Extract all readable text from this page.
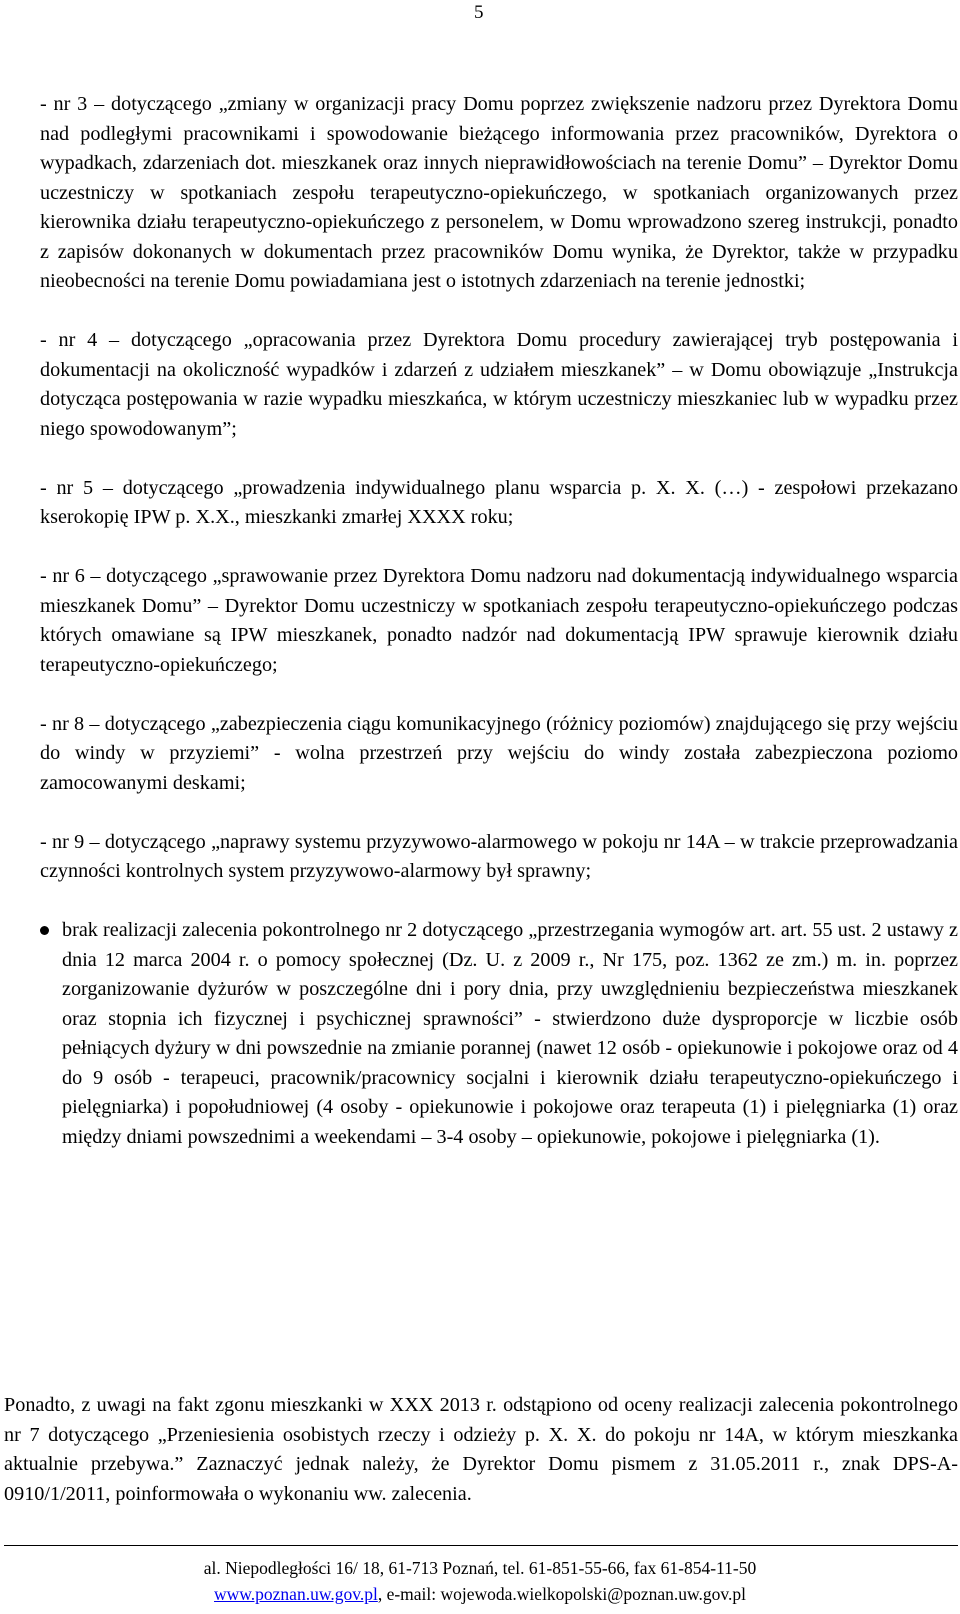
5

- nr 3 – dotyczącego „zmiany w organizacji pracy Domu poprzez zwiększenie nadzoru przez Dyrektora Domu nad podległymi pracownikami i spowodowanie bieżącego informowania przez pracowników, Dyrektora o wypadkach, zdarzeniach dot. mieszkanek oraz innych nieprawidłowościach na terenie Domu” – Dyrektor Domu uczestniczy w spotkaniach zespołu terapeutyczno-opiekuńczego, w spotkaniach organizowanych przez kierownika działu terapeutyczno-opiekuńczego z personelem, w Domu wprowadzono szereg instrukcji, ponadto z zapisów dokonanych w dokumentach przez pracowników Domu wynika, że Dyrektor, także w przypadku nieobecności na terenie Domu powiadamiana jest o istotnych zdarzeniach na terenie jednostki;

- nr 4 – dotyczącego „opracowania przez Dyrektora Domu procedury zawierającej tryb postępowania i dokumentacji na okoliczność wypadków i zdarzeń z udziałem mieszkanek” – w Domu obowiązuje „Instrukcja dotycząca postępowania w razie wypadku mieszkańca, w którym uczestniczy mieszkaniec lub w wypadku przez niego spowodowanym”;

- nr 5 – dotyczącego „prowadzenia indywidualnego planu wsparcia p. X. X. (…) - zespołowi przekazano kserokopię IPW p. X.X., mieszkanki zmarłej XXXX roku;

- nr 6 – dotyczącego „sprawowanie przez Dyrektora Domu nadzoru nad dokumentacją indywidualnego wsparcia mieszkanek Domu” – Dyrektor Domu uczestniczy w spotkaniach zespołu terapeutyczno-opiekuńczego podczas których omawiane są IPW mieszkanek, ponadto nadzór nad dokumentacją IPW sprawuje kierownik działu terapeutyczno-opiekuńczego;

- nr 8 – dotyczącego „zabezpieczenia ciągu komunikacyjnego (różnicy poziomów) znajdującego się przy wejściu do windy w przyziemi” - wolna przestrzeń przy wejściu do windy została zabezpieczona poziomo zamocowanymi deskami;

- nr 9 – dotyczącego „naprawy systemu przyzywowo-alarmowego w pokoju nr 14A – w trakcie przeprowadzania czynności kontrolnych system przyzywowo-alarmowy był sprawny;

brak realizacji zalecenia pokontrolnego nr 2 dotyczącego „przestrzegania wymogów art. art. 55 ust. 2 ustawy z dnia 12 marca 2004 r. o pomocy społecznej (Dz. U. z 2009 r., Nr 175, poz. 1362 ze zm.) m. in. poprzez zorganizowanie dyżurów w poszczególne dni i pory dnia, przy uwzględnieniu bezpieczeństwa mieszkanek oraz stopnia ich fizycznej i psychicznej sprawności” - stwierdzono duże dysproporcje w liczbie osób pełniących dyżury w dni powszednie na zmianie porannej (nawet 12 osób - opiekunowie i pokojowe oraz od 4 do 9 osób - terapeuci, pracownik/pracownicy socjalni i kierownik działu terapeutyczno-opiekuńczego i pielęgniarka) i popołudniowej (4 osoby - opiekunowie i pokojowe oraz terapeuta (1) i pielęgniarka (1) oraz między dniami powszednimi a weekendami – 3-4 osoby – opiekunowie, pokojowe i pielęgniarka (1).

Ponadto, z uwagi na fakt zgonu mieszkanki w XXX 2013 r. odstąpiono od oceny realizacji zalecenia pokontrolnego nr 7 dotyczącego „Przeniesienia osobistych rzeczy i odzieży p. X. X. do pokoju nr 14A, w którym mieszkanka aktualnie przebywa.” Zaznaczyć jednak należy, że Dyrektor Domu pismem z 31.05.2011 r., znak DPS-A-0910/1/2011, poinformowała o wykonaniu ww. zalecenia.

al. Niepodległości 16/ 18, 61-713 Poznań, tel. 61-851-55-66, fax 61-854-11-50
www.poznan.uw.gov.pl, e-mail: wojewoda.wielkopolski@poznan.uw.gov.pl
